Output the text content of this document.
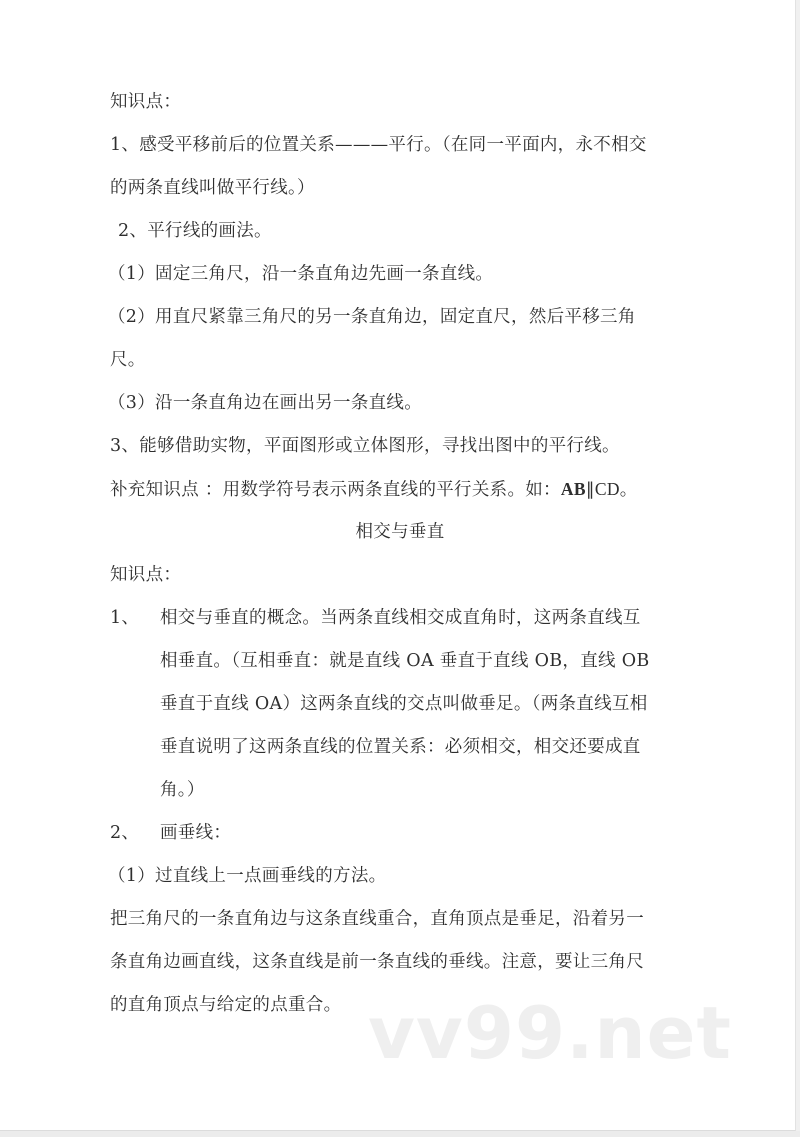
知识点：
1、感受平移前后的位置关系———平行。（在同一平面内，永不相交
的两条直线叫做平行线。）
2、平行线的画法。
（1）固定三角尺，沿一条直角边先画一条直线。
（2）用直尺紧靠三角尺的另一条直角边，固定直尺，然后平移三角
尺。
（3）沿一条直角边在画出另一条直线。
3、能够借助实物，平面图形或立体图形，寻找出图中的平行线。
补充知识点 ：用数学符号表示两条直线的平行关系。如：AB∥CD。
相交与垂直
知识点：
1、 相交与垂直的概念。当两条直线相交成直角时，这两条直线互
相垂直。（互相垂直：就是直线 OA 垂直于直线 OB，直线 OB
垂直于直线 OA）这两条直线的交点叫做垂足。（两条直线互相
垂直说明了这两条直线的位置关系：必须相交，相交还要成直
角。）
2、 画垂线：
（1）过直线上一点画垂线的方法。
把三角尺的一条直角边与这条直线重合，直角顶点是垂足，沿着另一
条直角边画直线，这条直线是前一条直线的垂线。注意，要让三角尺
的直角顶点与给定的点重合。 vv99.net
